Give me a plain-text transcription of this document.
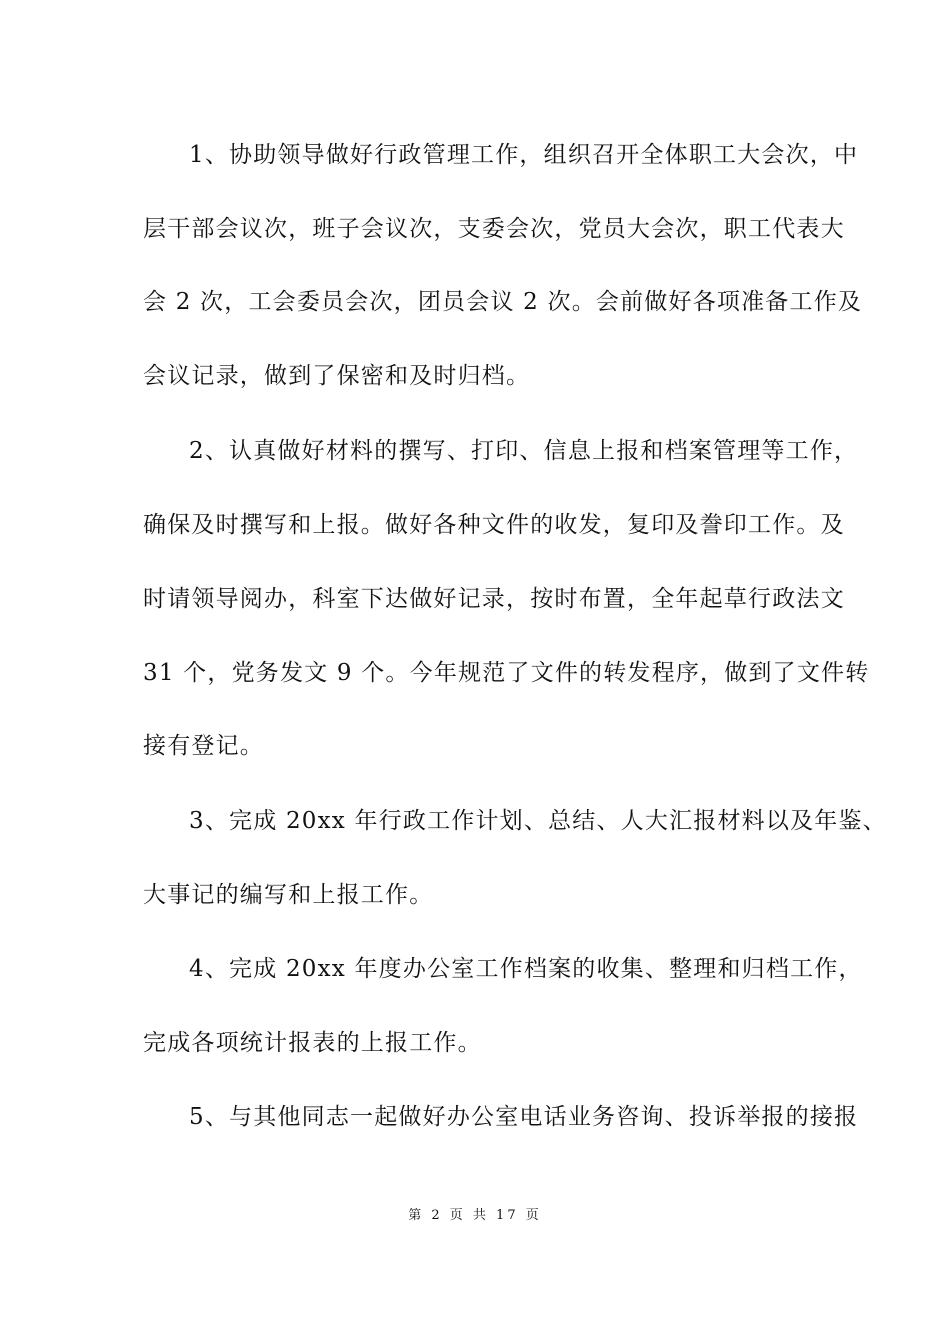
1、协助领导做好行政管理工作，组织召开全体职工大会次，中
层干部会议次，班子会议次，支委会次，党员大会次，职工代表大
会 2 次，工会委员会次，团员会议 2 次。会前做好各项准备工作及
会议记录，做到了保密和及时归档。
2、认真做好材料的撰写、打印、信息上报和档案管理等工作，
确保及时撰写和上报。做好各种文件的收发，复印及誊印工作。及
时请领导阅办，科室下达做好记录，按时布置，全年起草行政法文
31 个，党务发文 9 个。今年规范了文件的转发程序，做到了文件转
接有登记。
3、完成 20xx 年行政工作计划、总结、人大汇报材料以及年鉴、
大事记的编写和上报工作。
4、完成 20xx 年度办公室工作档案的收集、整理和归档工作，
完成各项统计报表的上报工作。
5、与其他同志一起做好办公室电话业务咨询、投诉举报的接报
第 2 页 共 17 页
